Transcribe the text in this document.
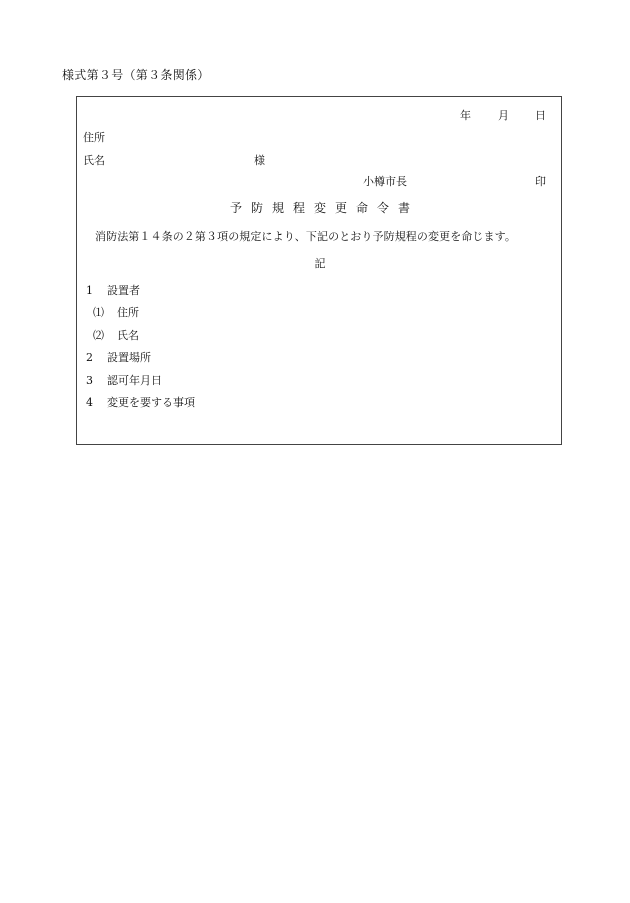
様式第３号（第３条関係）
年 月 日
住所
氏名	様
小樽市長	印
予防規程変更命令書
消防法第１４条の２第３項の規定により、下記のとおり予防規程の変更を命じます。
記
1 設置者
⑴ 住所
⑵ 氏名
2 設置場所
3 認可年月日
4 変更を要する事項
